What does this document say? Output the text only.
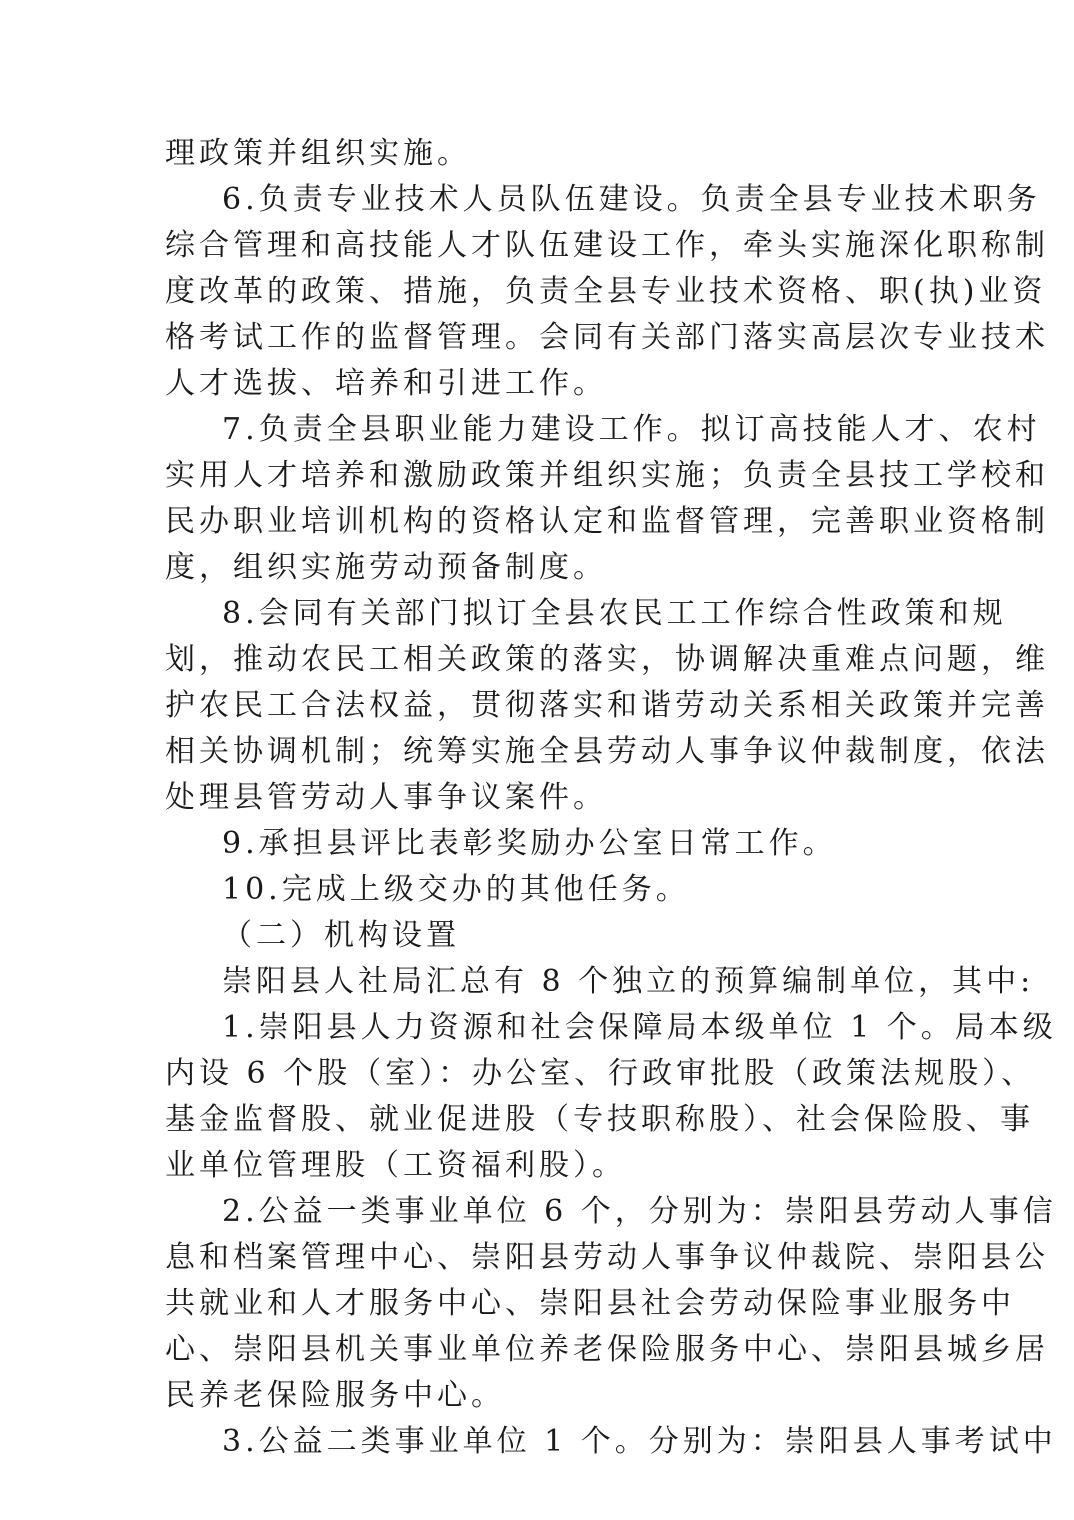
理政策并组织实施。
6.负责专业技术人员队伍建设。负责全县专业技术职务
综合管理和高技能人才队伍建设工作，牵头实施深化职称制
度改革的政策、措施，负责全县专业技术资格、职(执)业资
格考试工作的监督管理。会同有关部门落实高层次专业技术
人才选拔、培养和引进工作。
7.负责全县职业能力建设工作。拟订高技能人才、农村
实用人才培养和激励政策并组织实施；负责全县技工学校和
民办职业培训机构的资格认定和监督管理，完善职业资格制
度，组织实施劳动预备制度。
8.会同有关部门拟订全县农民工工作综合性政策和规
划，推动农民工相关政策的落实，协调解决重难点问题，维
护农民工合法权益，贯彻落实和谐劳动关系相关政策并完善
相关协调机制；统筹实施全县劳动人事争议仲裁制度，依法
处理县管劳动人事争议案件。
9.承担县评比表彰奖励办公室日常工作。
10.完成上级交办的其他任务。
（二）机构设置
崇阳县人社局汇总有 8 个独立的预算编制单位，其中:
1.崇阳县人力资源和社会保障局本级单位 1 个。局本级
内设 6 个股（室）：办公室、行政审批股（政策法规股）、
基金监督股、就业促进股（专技职称股）、社会保险股、事
业单位管理股（工资福利股）。
2.公益一类事业单位 6 个，分别为：崇阳县劳动人事信
息和档案管理中心、崇阳县劳动人事争议仲裁院、崇阳县公
共就业和人才服务中心、崇阳县社会劳动保险事业服务中
心、崇阳县机关事业单位养老保险服务中心、崇阳县城乡居
民养老保险服务中心。
3.公益二类事业单位 1 个。分别为：崇阳县人事考试中
